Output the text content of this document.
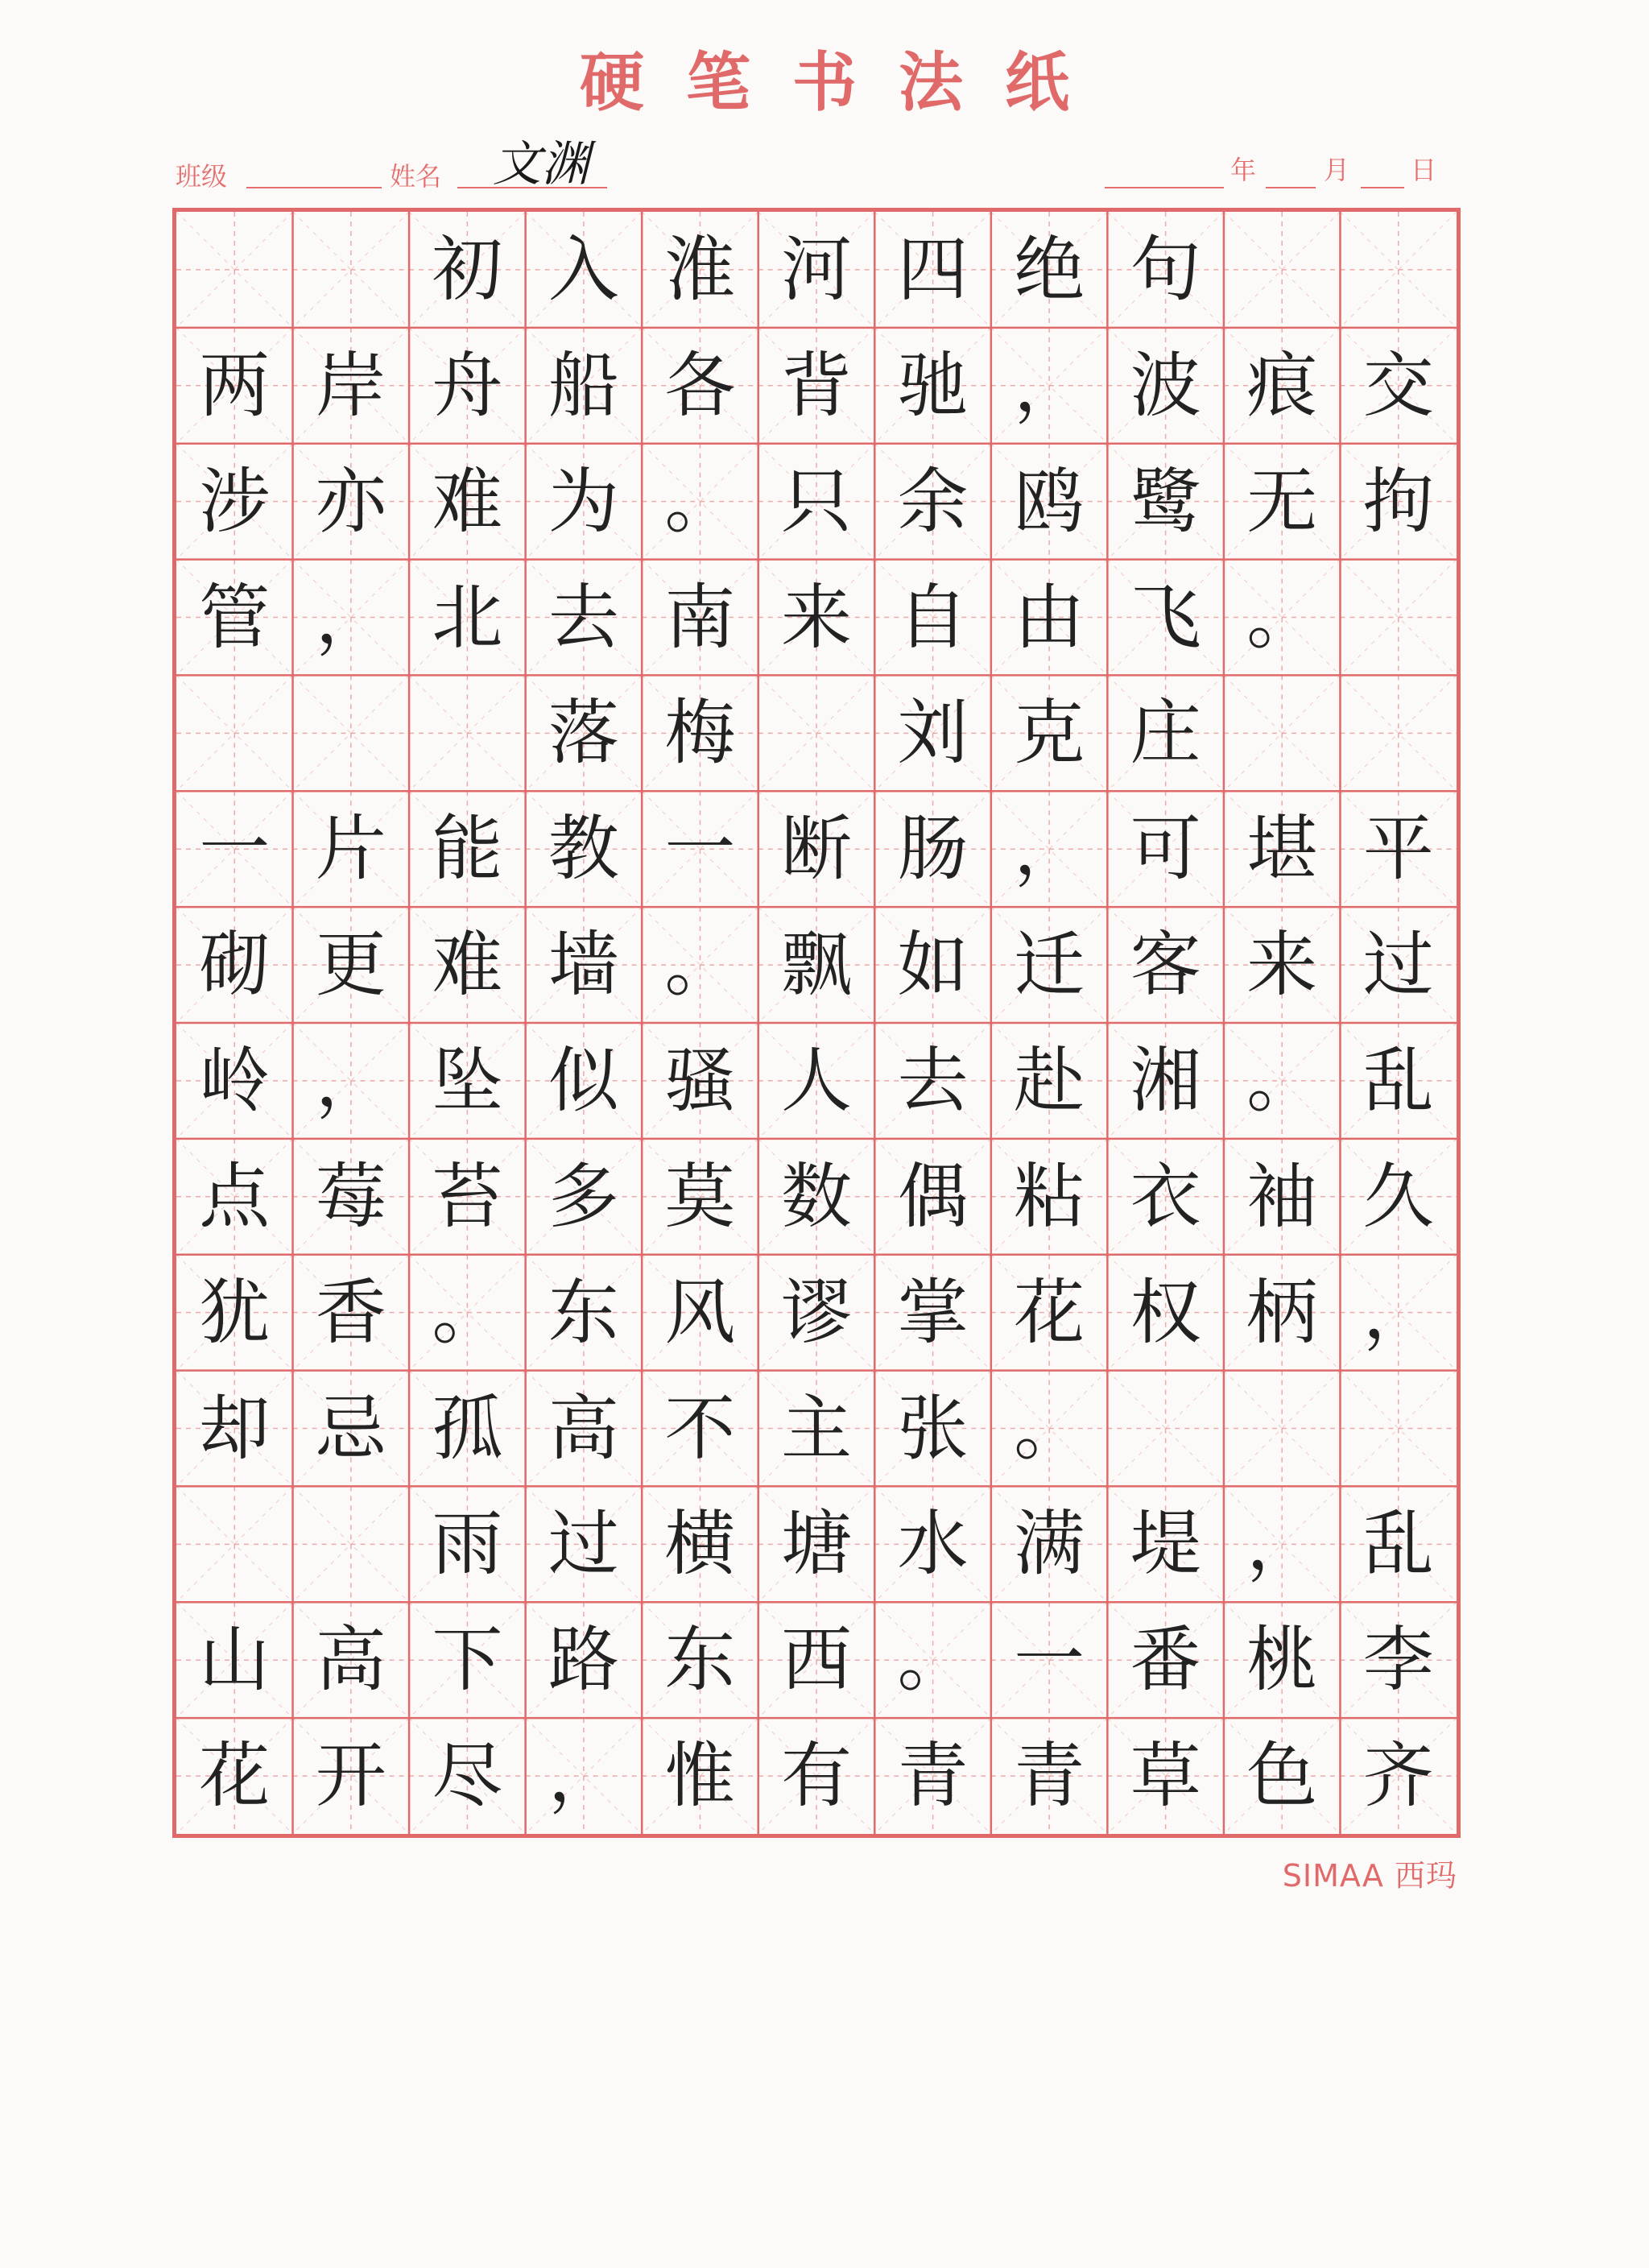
硬笔书法纸
班级	姓名 文渊	年	月 日
初 入 淮 河 四 绝 句
两 岸 舟 船 各 背 驰 ， 波 痕 交
涉 亦 难 为 。 只 余 鸥 鹭 无 拘
管 ， 北 去 南 来 自 由 飞 。
落 梅	刘 克 庄
一 片 能 教 一 断 肠 ， 可 堪 平
砌 更 难 墙 。 飘 如 迁 客 来 过
岭 ， 坠 似 骚 人 去 赴 湘 。 乱
点 莓 苔 多 莫 数 偶 粘 衣 袖 久
犹 香 。 东 风 谬 掌 花 权 柄 ，
却 忌 孤 高 不 主 张 。
雨 过 横 塘 水 满 堤 ， 乱
山 高 下 路 东 西 。 一 番 桃 李
花 开 尽 ， 惟 有 青 青 草 色 齐
SIMAA 西玛
